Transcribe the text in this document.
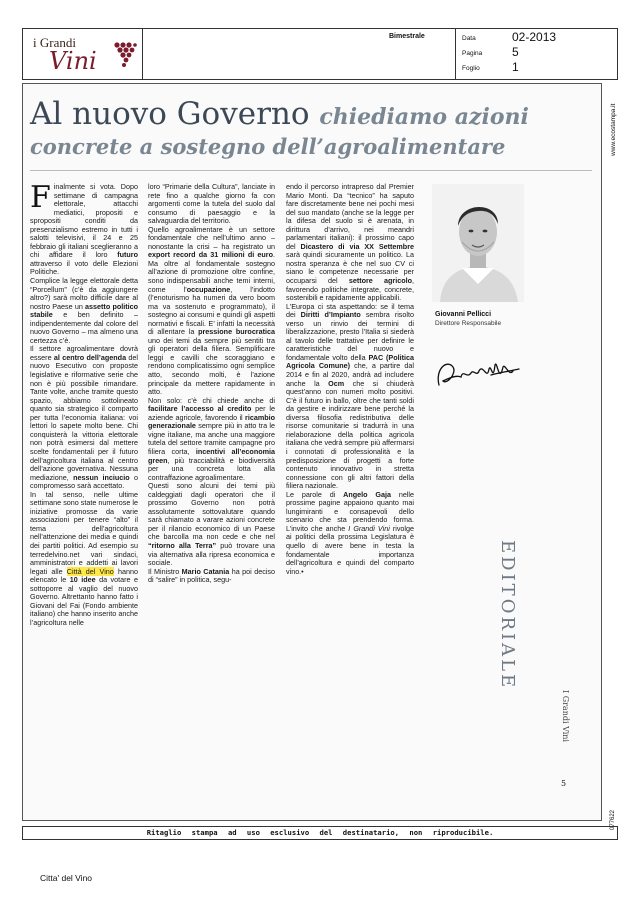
i Grandi
Vini
Bimestrale	Data	02-2013
Pagina 5
Foglio	1
www.ecostampa.it
Al nuovo Governo chiediamo azioni
concrete a sostegno dell’agroalimentare
Finalmente si vota. Dopo settimane di campagna elettorale, attacchi mediatici, propositi e spropositi conditi da presenzialismo estremo in tutti i salotti televisivi, il 24 e 25 febbraio gli italiani sceglieranno a chi affidare il loro futuro attraverso il voto delle Elezioni Politiche.

Complice la legge elettorale detta “Porcellum” (c’è da aggiungere altro?) sarà molto difficile dare al nostro Paese un assetto politico stabile e ben definito – indipendentemente dal colore del nuovo Governo – ma almeno una certezza c’è.

Il settore agroalimentare dovrà essere al centro dell’agenda del nuovo Esecutivo con proposte legislative e riformative serie che non è più possibile rimandare. Tante volte, anche tramite questo spazio, abbiamo sottolineato quanto sia strategico il comparto per tutta l’economia italiana: voi lettori lo sapete molto bene. Chi conquisterà la vittoria elettorale non potrà esimersi dal mettere scelte fondamentali per il futuro dell’agricoltura italiana al centro dell’azione governativa. Nessuna mediazione, nessun inciucio o compromesso sarà accettato.

In tal senso, nelle ultime settimane sono state numerose le iniziative promosse da varie associazioni per tenere “alto” il tema dell’agricoltura nell’attenzione dei media e quindi dei partiti politici. Ad esempio su terredelvino.net vari sindaci, amministratori e addetti ai lavori legati alle Città del Vino hanno elencato le 10 idee da votare e sottoporre al vaglio del nuovo Governo. Altrettanto hanno fatto i Giovani del Fai (Fondo ambiente italiano) che hanno inserito anche l’agricoltura nelle

loro “Primarie della Cultura”, lanciate in rete fino a qualche giorno fa con argomenti come la tutela del suolo dal consumo di paesaggio e la salvaguardia del territorio.

Quello agroalimentare è un settore fondamentale che nell’ultimo anno – nonostante la crisi – ha registrato un export record da 31 milioni di euro. Ma oltre al fondamentale sostegno all’azione di promozione oltre confine, sono indispensabili anche temi interni, come l’occupazione, l’indotto (l’enoturismo ha numeri da vero boom ma va sostenuto e programmato), il sostegno ai consumi e quindi gli aspetti normativi e fiscali. E’ infatti la necessità di allentare la pressione burocratica uno dei temi da sempre più sentiti tra gli operatori della filiera. Semplificare leggi e cavilli che scoraggiano e rendono complicatissimo ogni semplice atto, secondo molti, è l’azione principale da mettere rapidamente in atto.

Non solo: c’è chi chiede anche di facilitare l’accesso al credito per le aziende agricole, favorendo il ricambio generazionale sempre più in atto tra le vigne italiane, ma anche una maggiore tutela del settore tramite campagne pro filiera corta, incentivi all’economia green, più tracciabilità e biodiversità per una concreta lotta alla contraffazione agroalimentare.

Questi sono alcuni dei temi più caldeggiati dagli operatori che il prossimo Governo non potrà assolutamente sottovalutare quando sarà chiamato a varare azioni concrete per il rilancio economico di un Paese che barcolla ma non cede e che nel “ritorno alla Terra” può trovare una via alternativa alla ripresa economica e sociale.

Il Ministro Mario Catania ha poi deciso di “salire” in politica, segu-

endo il percorso intrapreso dal Premier Mario Monti. Da “tecnico” ha saputo fare discretamente bene nei pochi mesi del suo mandato (anche se la legge per la difesa del suolo si è arenata, in dirittura d’arrivo, nei meandri parlamentari italiani): il prossimo capo del Dicastero di via XX Settembre sarà quindi sicuramente un politico. La nostra speranza è che nel suo CV ci siano le competenze necessarie per occuparsi del settore agricolo, favorendo politiche integrate, concrete, sostenibili e rapidamente applicabili.

L’Europa ci sta aspettando: se il tema dei Diritti d’Impianto sembra risolto verso un rinvio dei termini di liberalizzazione, presto l’Italia si siederà al tavolo delle trattative per definire le caratteristiche del nuovo e fondamentale volto della PAC (Politica Agricola Comune) che, a partire dal 2014 e fin al 2020, andrà ad includere anche la Ocm che si chiuderà quest’anno con numeri molto positivi. C’è il futuro in ballo, oltre che tanti soldi da gestire e indirizzare bene perché la diversa filosofia redistributiva delle risorse comunitarie si tradurrà in una rielaborazione della politica agricola italiana che vedrà sempre più affermarsi i connotati di professionalità e la predisposizione di progetti a forte contenuto innovativo in stretta connessione con gli altri fattori della filiera nazionale.

Le parole di Angelo Gaja nelle prossime pagine appaiono quanto mai lungimiranti e consapevoli dello scenario che sta prendendo forma. L’invito che anche I Grandi Vini rivolge ai politici della prossima Legislatura è quello di avere bene in testa la fondamentale importanza dell’agricoltura e quindi del comparto vino.•

Giovanni Pellicci
Direttore Responsabile
EDITORIALE
I Grandi Vini
5
077622
Ritaglio stampa ad uso esclusivo del destinatario, non riproducibile.
Citta' del Vino
